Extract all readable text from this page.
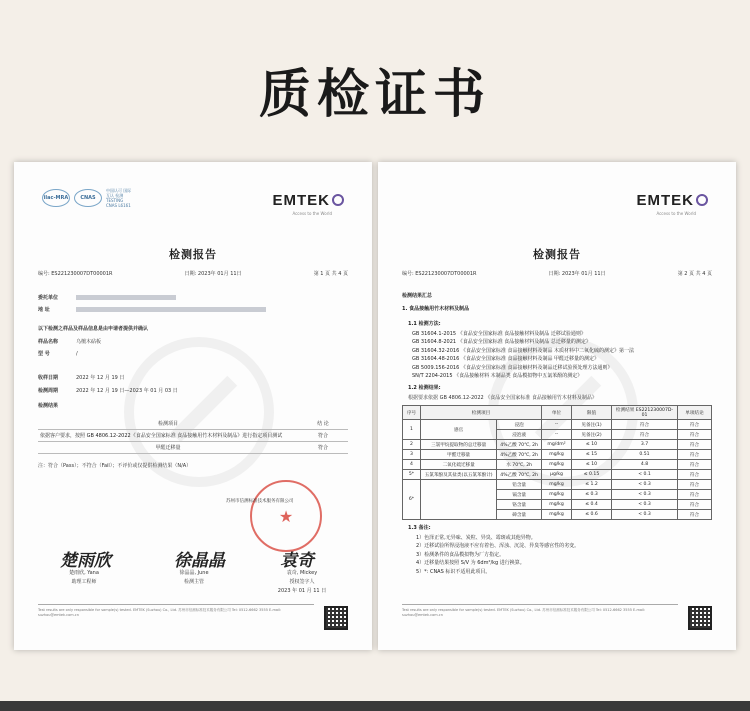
质检证书
ilac-MRA	CNAS
中国认可 国际互认 检测 TESTING CNAS L6161	EMTEK
Access to the World
检测报告
编号: ES221230007DT00001R	日期: 2023年 01月 11日	第 1 页 共 4 页
委托单位
地 址
以下检测之样品及样品信息是由申请者提供并确认
样品名称	乌檀木砧板
型 号	/
收样日期	2022 年 12 月 19 日
检测周期	2022 年 12 月 19 日—2023 年 01 月 03 日
检测结果
检测项目	结 论
依据客户要求，按照 GB 4806.12-2022《食品安全国家标准 食品接触用竹木材料及制品》进行指定项目测试	符合
甲醛迁移量	符合
注：符合（Pass）；不符合（Fail）；不评价或仅提供检测结果（N/A）
★
苏州市信测标准技术服务有限公司
楚雨欣	徐晶晶	袁奇
楚雨欣, Yana
助理工程师
徐晶晶, June
检测主管
袁奇, Mickey
授权签字人
2023 年 01 月 11 日
Test results are only responsible for sample(s) tested. EMTEK (Suzhou) Co., Ltd. 苏州市信测标准技术服务有限公司 Tel: 0512-6662 3555 E-mail: suzhou@emtek.com.cn
EMTEK
Access to the World
检测报告
编号: ES221230007DT00001R	日期: 2023年 01月 11日	第 2 页 共 4 页
检测结果汇总
1. 食品接触用竹木材料及制品
1.1 检测方法:
GB 31604.1-2015 《食品安全国家标准 食品接触材料及制品 迁移试验通则》
GB 31604.8-2021 《食品安全国家标准 食品接触材料及制品 总迁移量的测定》
GB 31604.32-2016 《食品安全国家标准 食品接触材料及制品 木质材料中二氧化硫的测定》第一法
GB 31604.48-2016 《食品安全国家标准 食品接触材料及制品 甲醛迁移量的测定》
GB 5009.156-2016 《食品安全国家标准 食品接触材料及制品迁移试验预处理方法通则》
SN/T 2204-2015 《食品接触材料 木制品类 食品模拟物中五氯苯酚的测定》
1.2 检测结果:
根据要求依据 GB 4806.12-2022 《食品安全国家标准 食品接触用竹木材料及制品》
序号	检测项目		单位	限值	检测结果 ES221230007D-01	单项结论
1	感官	浸泡	--	见备注(1)	符合	符合
		浸泡液	--	见备注(2)	符合	符合
2	三氯甲烷提取物的总迁移量	4%乙酸 70℃, 2h	mg/dm²	≤ 10	3.7	符合
3	甲醛迁移量	4%乙酸 70℃, 2h	mg/kg	≤ 15	0.51	符合
4	二氧化硫迁移量	水 70℃, 2h	mg/kg	≤ 10	4.8	符合
5*	五氯苯酚及其盐类(以五氯苯酚计)	4%乙酸 70℃, 2h	μg/kg	≤ 0.15	< 0.1	符合
6*		铅含量	mg/kg	≤ 1.2	< 0.3	符合
		镉含量	mg/kg	≤ 0.3	< 0.3	符合
		铬含量	mg/kg	≤ 0.4	< 0.3	符合
		砷含量	mg/kg	≤ 0.6	< 0.3	符合
1.3 备注:
1）色泽正常,无异味、炭粒、异臭、霉斑或其他异物。
2）迁移试验所得浸泡液不应有着色、浑浊、沉淀、异臭等感官性的劣变。
3）检测条件的食品模拟物为厂方指定。
4）迁移量结果按照 S/V 为 6dm²/kg 进行换算。
5）*: CNAS 标识不适用此项目。
Test results are only responsible for sample(s) tested. EMTEK (Suzhou) Co., Ltd. 苏州市信测标准技术服务有限公司 Tel: 0512-6662 3555 E-mail: suzhou@emtek.com.cn
